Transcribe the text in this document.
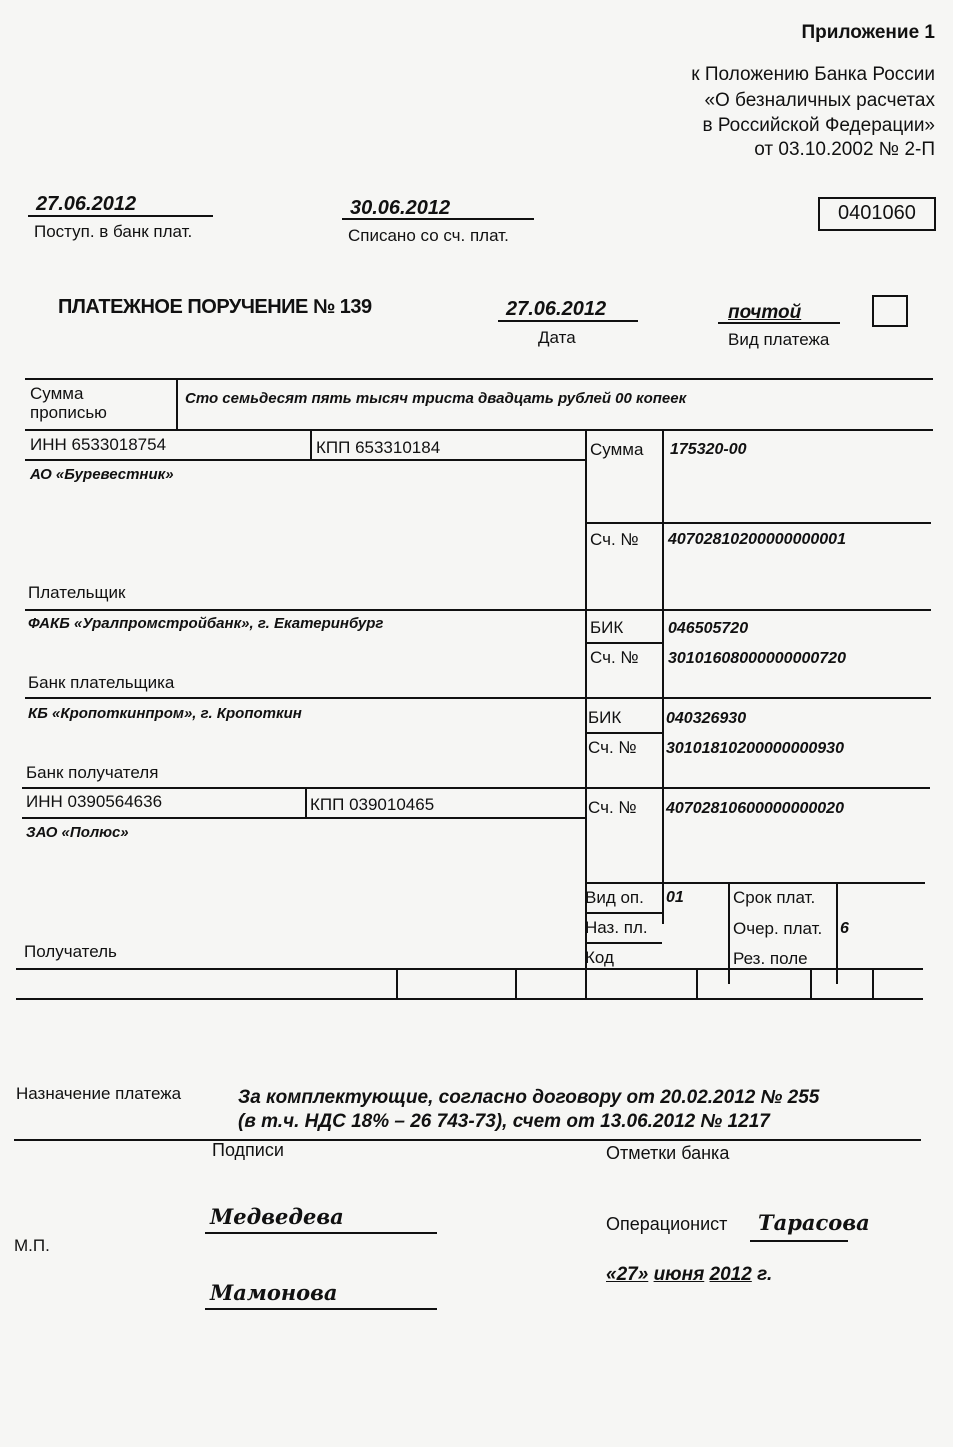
Приложение 1
к Положению Банка России
«О безналичных расчетах
в Российской Федерации»
от 03.10.2002 № 2-П
27.06.2012
Поступ. в банк плат.
30.06.2012
Списано со сч. плат.
0401060
ПЛАТЕЖНОЕ ПОРУЧЕНИЕ № 139	27.06.2012
Дата
почтой
Вид платежа
Сумма
прописью
Сто семьдесят пять тысяч триста двадцать рублей 00 копеек
ИНН 6533018754	КПП 653310184
АО «Буревестник»
Плательщик
Сумма 175320-00
Сч. № 40702810200000000001
ФАКБ «Уралпромстройбанк», г. Екатеринбург
Банк плательщика
БИК	046505720
Сч. № 30101608000000000720
КБ «Кропоткинпром», г. Кропоткин
Банк получателя
БИК	040326930
Сч. № 30101810200000000930
ИНН 0390564636	КПП 039010465
ЗАО «Полюс»
Получатель
Сч. № 40702810600000000020
Вид оп. 01	Срок плат.
Наз. пл.	Очер. плат. 6
Код	Рез. поле
Назначение платежа	За комплектующие, согласно договору от 20.02.2012 № 255
(в т.ч. НДС 18% – 26 743-73), счет от 13.06.2012 № 1217
Подписи	Отметки банка
Медведева
М.П.
Мамонова
Операционист Тарасова
«27» июня 2012 г.
